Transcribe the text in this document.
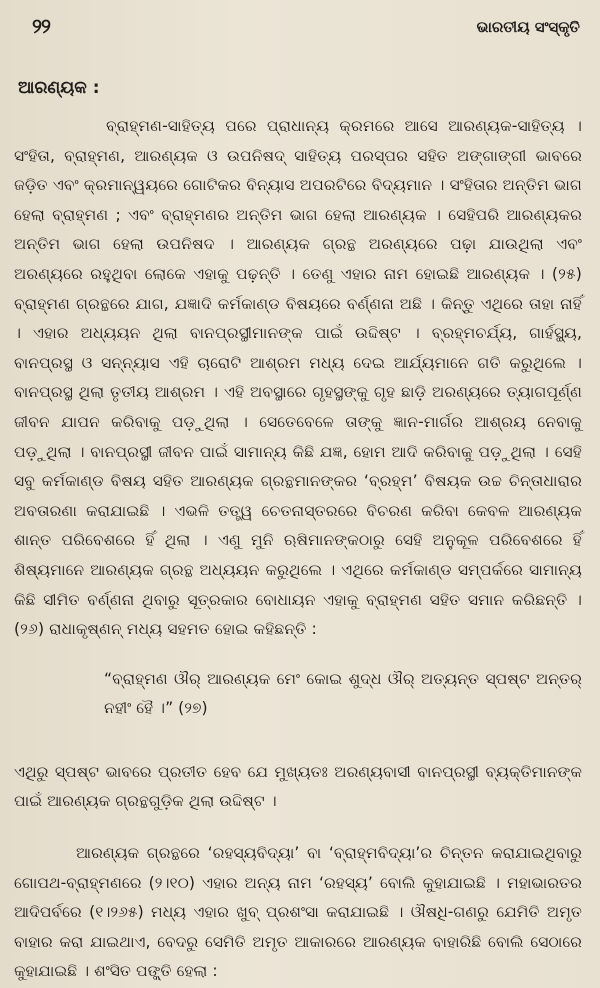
୨୨	ଭାରତୀୟ ସଂସ୍କୃତି
ଆରଣ୍ୟକ :

ବ୍ରାହ୍ମଣ-ସାହିତ୍ୟ ପରେ ପ୍ରାଧାନ୍ୟ କ୍ରମରେ ଆସେ ଆରଣ୍ୟକ-ସାହିତ୍ୟ । ସଂହିତା, ବ୍ରାହ୍ମଣ, ଆରଣ୍ୟକ ଓ ଉପନିଷଦ୍ ସାହିତ୍ୟ ପରସ୍ପର ସହିତ ଅଙ୍ଗାଙ୍ଗୀ ଭାବରେ ଜଡ଼ିତ ଏବଂ କ୍ରମାନ୍ୱୟରେ ଗୋଟିକର ବିନ୍ୟାସ ଅପରଟିରେ ବିଦ୍ୟମାନ । ସଂହିତାର ଅନ୍ତିମ ଭାଗ ହେଲା ବ୍ରାହ୍ମଣ ; ଏବଂ ବ୍ରାହ୍ମଣର ଅନ୍ତିମ ଭାଗ ହେଲା ଆରଣ୍ୟକ । ସେହିପରି ଆରଣ୍ୟକର ଅନ୍ତିମ ଭାଗ ହେଲା ଉପନିଷଦ । ଆରଣ୍ୟକ ଗ୍ରନ୍ଥ ଅରଣ୍ୟରେ ପଢ଼ା ଯାଉଥିଲା ଏବଂ ଅରଣ୍ୟରେ ରହୁଥିବା ଲୋକେ ଏହାକୁ ପଢ଼ନ୍ତି । ତେଣୁ ଏହାର ନାମ ହୋଇଛି ଆରଣ୍ୟକ । (୨୫) ବ୍ରାହ୍ମଣ ଗ୍ରନ୍ଥରେ ଯାଗ, ଯଜ୍ଞାଦି କର୍ମକାଣ୍ଡ ବିଷୟରେ ବର୍ଣ୍ଣନା ଅଛି । କିନ୍ତୁ ଏଥିରେ ତାହା ନାହିଁ । ଏହାର ଅଧ୍ୟୟନ ଥିଲା ବାନପ୍ରସ୍ଥୀମାନଙ୍କ ପାଇଁ ଉଦ୍ଦିଷ୍ଟ । ବ୍ରହ୍ମଚର୍ଯ୍ୟ, ଗାର୍ହସ୍ଥ୍ୟ, ବାନପ୍ରସ୍ଥ ଓ ସନ୍ନ୍ୟାସ ଏହି ଚାରୋଟି ଆଶ୍ରମ ମଧ୍ୟ ଦେଇ ଆର୍ଯ୍ୟମାନେ ଗତି କରୁଥିଲେ । ବାନପ୍ରସ୍ଥ ଥିଲା ତୃତୀୟ ଆଶ୍ରମ । ଏହି ଅବସ୍ଥାରେ ଗୃହସ୍ଥଙ୍କୁ ଗୃହ ଛାଡ଼ି ଅରଣ୍ୟରେ ତ୍ୟାଗପୂର୍ଣ୍ଣ ଜୀବନ ଯାପନ କରିବାକୁ ପଡ଼ୁଥିଲା । ସେତେବେଳେ ତାଙ୍କୁ ଜ୍ଞାନ-ମାର୍ଗର ଆଶ୍ରୟ ନେବାକୁ ପଡ଼ୁଥିଲା । ବାନପ୍ରସ୍ଥୀ ଜୀବନ ପାଇଁ ସାମାନ୍ୟ କିଛି ଯଜ୍ଞ, ହୋମ ଆଦି କରିବାକୁ ପଡ଼ୁଥିଲା । ସେହି ସବୁ କର୍ମକାଣ୍ଡ ବିଷୟ ସହିତ ଆରଣ୍ୟକ ଗ୍ରନ୍ଥମାନଙ୍କର ‘ବ୍ରହ୍ମ’ ବିଷୟକ ଉଚ୍ଚ ଚିନ୍ତାଧାରାର ଅବତାରଣା କରାଯାଇଛି । ଏଭଳି ତତ୍ତ୍ୱ ଚେତନାସ୍ତରରେ ବିଚରଣ କରିବା କେବଳ ଆରଣ୍ୟକ ଶାନ୍ତ ପରିବେଶରେ ହିଁ ଥିଲା । ଏଣୁ ମୁନି ଋଷିମାନଙ୍କଠାରୁ ସେହି ଅନୁକୂଳ ପରିବେଶରେ ହିଁ ଶିଷ୍ୟମାନେ ଆରଣ୍ୟକ ଗ୍ରନ୍ଥ ଅଧ୍ୟୟନ କରୁଥିଲେ । ଏଥିରେ କର୍ମକାଣ୍ଡ ସମ୍ପର୍କରେ ସାମାନ୍ୟ କିଛି ସୀମିତ ବର୍ଣ୍ଣନା ଥିବାରୁ ସୂତ୍ରକାର ବୋଧାୟନ ଏହାକୁ ବ୍ରାହ୍ମଣ ସହିତ ସମାନ କରିଛନ୍ତି । (୨୬) ରାଧାକୃଷ୍ଣନ୍ ମଧ୍ୟ ସହମତ ହୋଇ କହିଛନ୍ତି :

“ବ୍ରାହ୍ମଣ ଔର୍ ଆରଣ୍ୟକ ମେଂ କୋଇ ଶୁଦ୍ଧ ଔର୍ ଅତ୍ୟନ୍ତ ସ୍ପଷ୍ଟ ଅନ୍ତର୍ ନହୀଂ ହୈ ।” (୨୭)

ଏଥିରୁ ସ୍ପଷ୍ଟ ଭାବରେ ପ୍ରତୀତ ହେବ ଯେ ମୁଖ୍ୟତଃ ଅରଣ୍ୟବାସୀ ବାନପ୍ରସ୍ଥୀ ବ୍ୟକ୍ତିମାନଙ୍କ ପାଇଁ ଆରଣ୍ୟକ ଗ୍ରନ୍ଥଗୁଡ଼ିକ ଥିଲା ଉଦ୍ଦିଷ୍ଟ ।

ଆରଣ୍ୟକ ଗ୍ରନ୍ଥରେ ‘ରହସ୍ୟବିଦ୍ୟା’ ବା ‘ବ୍ରାହ୍ମବିଦ୍ୟା’ର ଚିନ୍ତନ କରାଯାଇଥିବାରୁ ଗୋପଥ-ବ୍ରାହ୍ମଣରେ (୨।୧୦) ଏହାର ଅନ୍ୟ ନାମ ‘ରହସ୍ୟ’ ବୋଲି କୁହାଯାଇଛି । ମହାଭାରତର ଆଦିପର୍ବରେ (୧।୨୬୫) ମଧ୍ୟ ଏହାର ଖୁବ୍ ପ୍ରଶଂସା କରାଯାଇଛି । ଔଷଧି-ଗଣରୁ ଯେମିତି ଅମୃତ ବାହାର କରା ଯାଇଥାଏ, ବେଦରୁ ସେମିତି ଅମୃତ ଆକାରରେ ଆରଣ୍ୟକ ବାହାରିଛି ବୋଲି ସେଠାରେ କୁହାଯାଇଛି । ଶଂସିତ ପଙ୍କ୍ତି ହେଲା :
